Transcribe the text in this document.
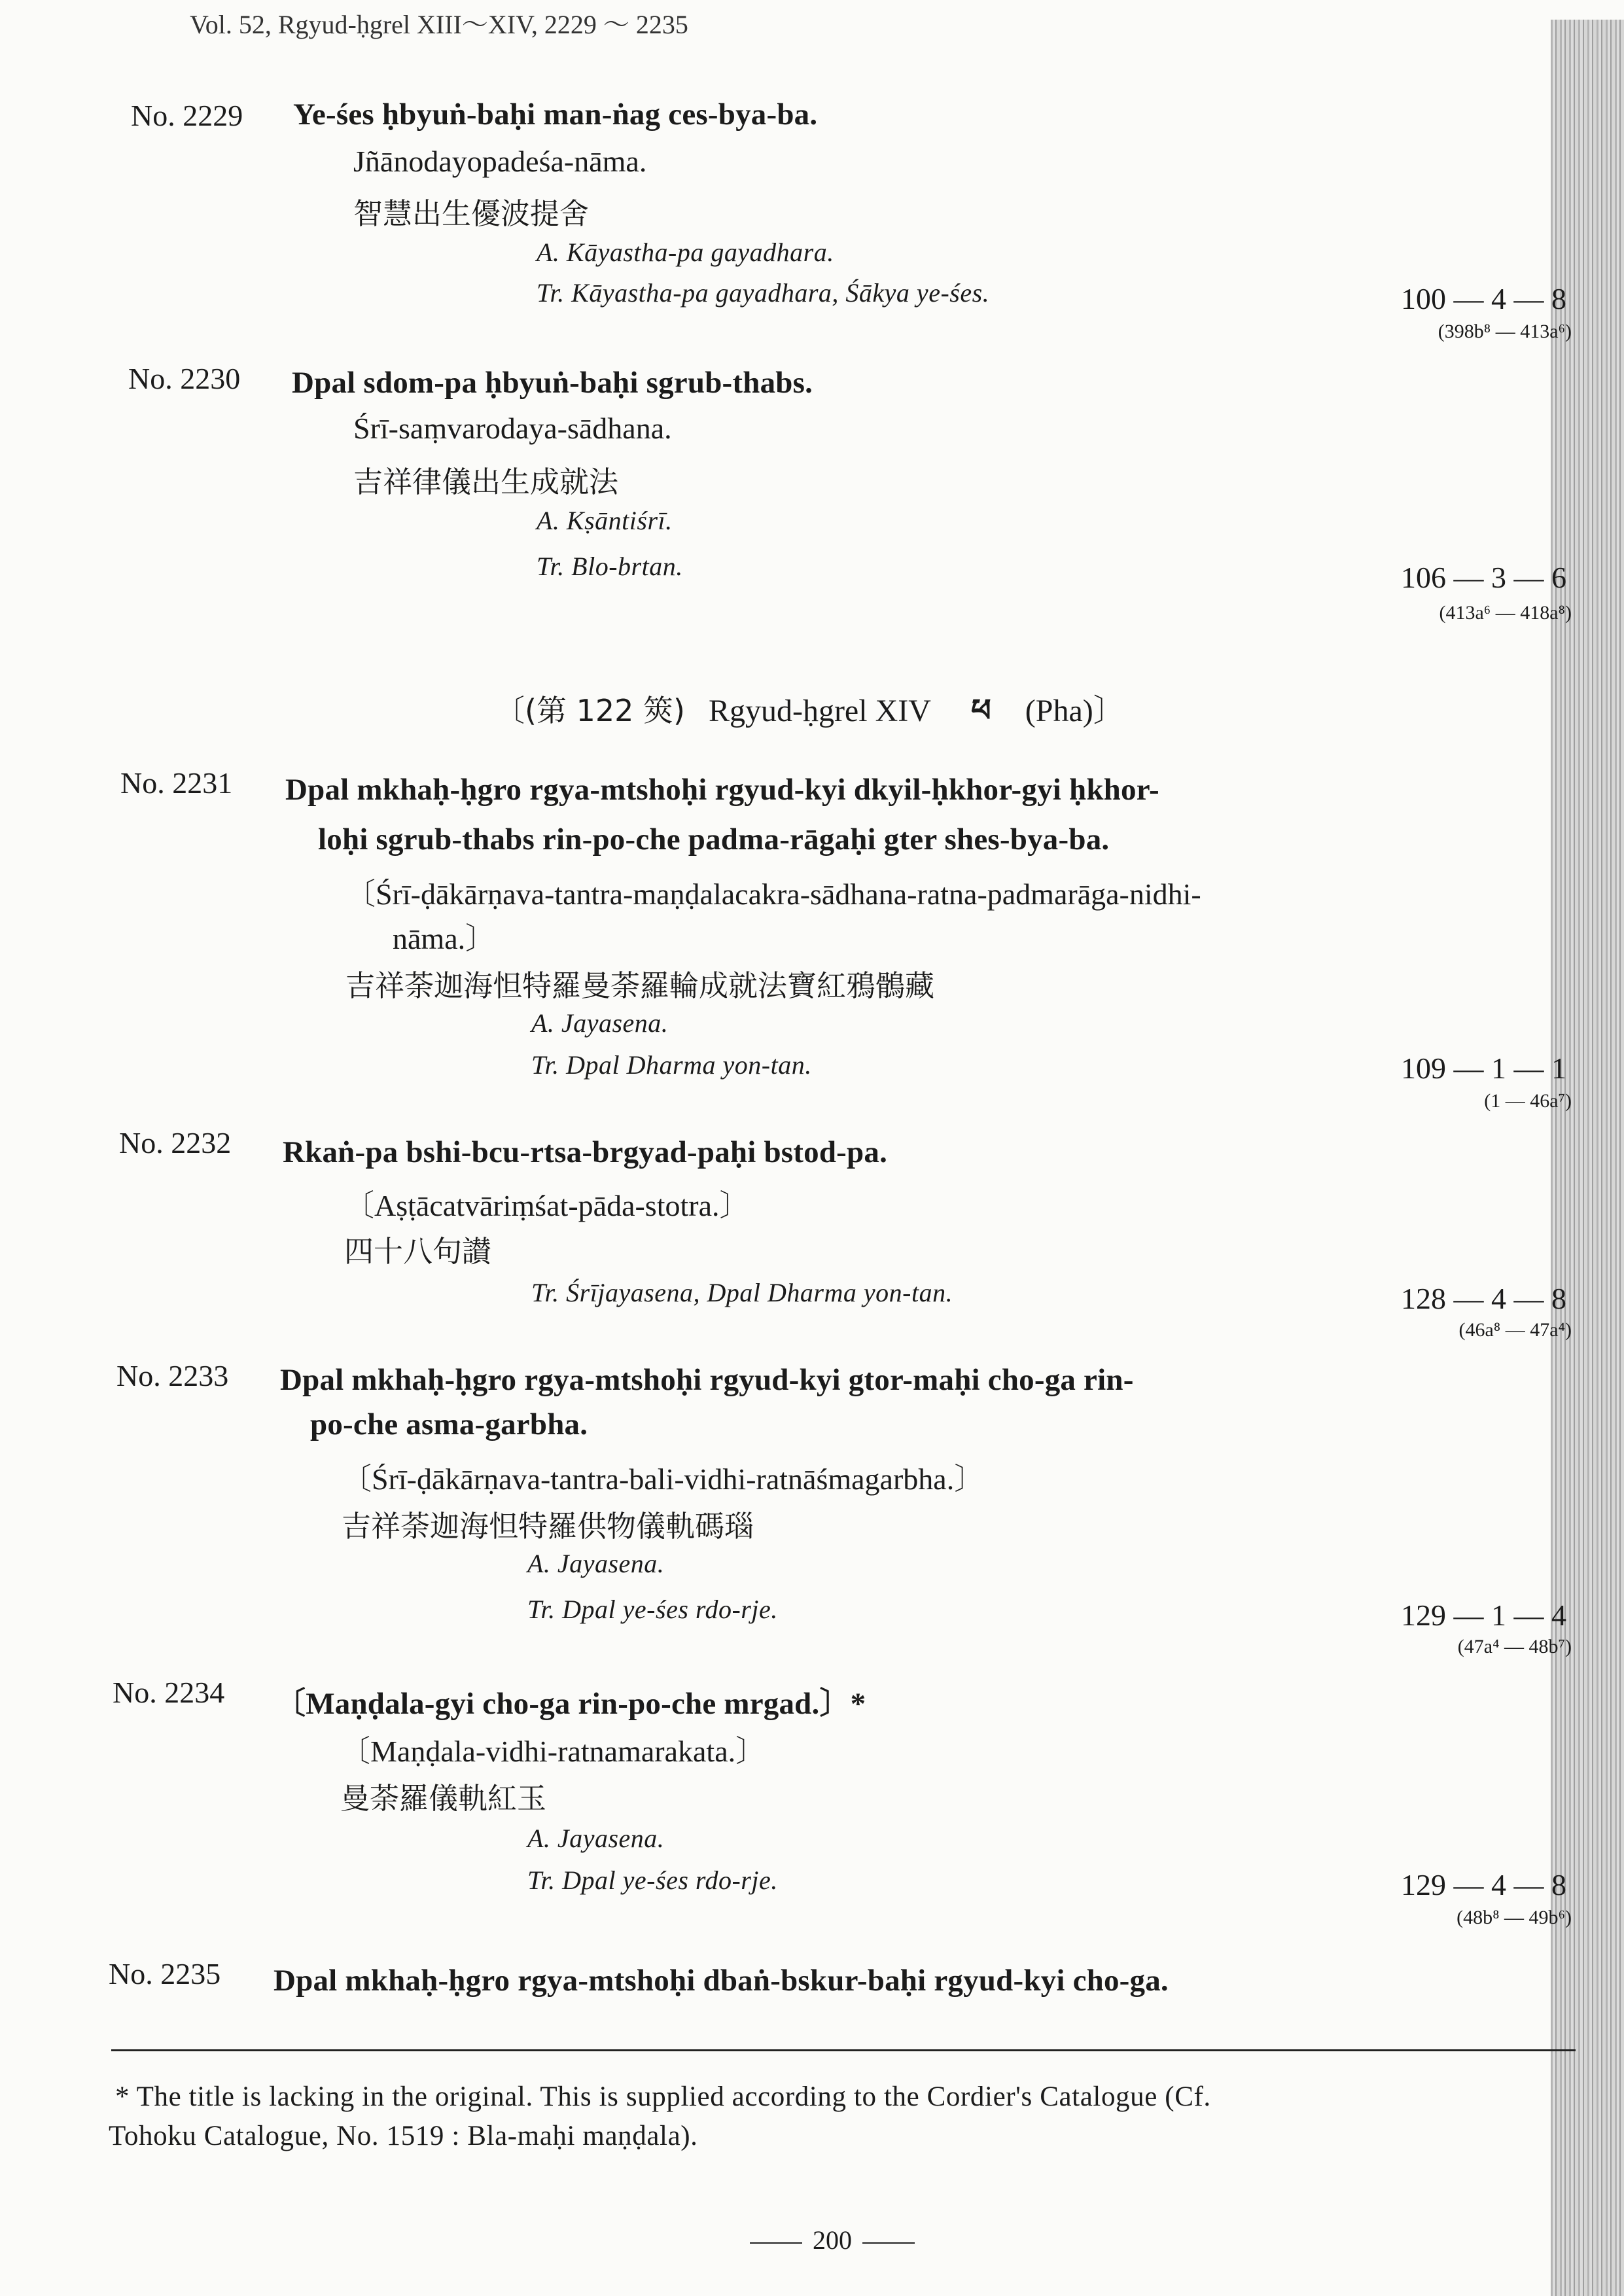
Vol. 52, Rgyud-ḥgrel XIII～XIV, 2229 ～ 2235
No. 2229 Ye-śes ḥbyuṅ-baḥi man-ṅag ces-bya-ba.
Jñānodayopadeśa-nāma.
智慧出生優波提舍
A. Kāyastha-pa gayadhara.
Tr. Kāyastha-pa gayadhara, Śākya ye-śes.	100 — 4 — 8
(398b⁸ — 413a⁶)
No. 2230 Dpal sdom-pa ḥbyuṅ-baḥi sgrub-thabs.
Śrī-saṃvarodaya-sādhana.
吉祥律儀出生成就法
A. Kṣāntiśrī.
Tr. Blo-brtan.	106 — 3 — 6
(413a⁶ — 418a⁸)
〔(第 122 筴) Rgyud-ḥgrel XIV ཕ (Pha)〕
No. 2231 Dpal mkhaḥ-ḥgro rgya-mtshoḥi rgyud-kyi dkyil-ḥkhor-gyi ḥkhor-
loḥi sgrub-thabs rin-po-che padma-rāgaḥi gter shes-bya-ba.
〔Śrī-ḍākārṇava-tantra-maṇḍalacakra-sādhana-ratna-padmarāga-nidhi-
nāma.〕
吉祥荼迦海怛特羅曼荼羅輪成就法寶紅鴉鶻藏
A. Jayasena.
Tr. Dpal Dharma yon-tan.	109 — 1 — 1
(1 — 46a⁷)
No. 2232 Rkaṅ-pa bshi-bcu-rtsa-brgyad-paḥi bstod-pa.
〔Aṣṭācatvāriṃśat-pāda-stotra.〕
四十八句讃
Tr. Śrījayasena, Dpal Dharma yon-tan.	128 — 4 — 8
(46a⁸ — 47a⁴)
No. 2233 Dpal mkhaḥ-ḥgro rgya-mtshoḥi rgyud-kyi gtor-maḥi cho-ga rin-
po-che asma-garbha.
〔Śrī-ḍākārṇava-tantra-bali-vidhi-ratnāśmagarbha.〕
吉祥荼迦海怛特羅供物儀軌碼瑙
A. Jayasena.
Tr. Dpal ye-śes rdo-rje.	129 — 1 — 4
(47a⁴ — 48b⁷)
No. 2234 〔Maṇḍala-gyi cho-ga rin-po-che mrgad.〕*
〔Maṇḍala-vidhi-ratnamarakata.〕
曼荼羅儀軌紅玉
A. Jayasena.
Tr. Dpal ye-śes rdo-rje.	129 — 4 — 8
(48b⁸ — 49b⁶)
No. 2235 Dpal mkhaḥ-ḥgro rgya-mtshoḥi dbaṅ-bskur-baḥi rgyud-kyi cho-ga.
* The title is lacking in the original. This is supplied according to the Cordier's Catalogue (Cf.
Tohoku Catalogue, No. 1519 : Bla-maḥi maṇḍala).
200
